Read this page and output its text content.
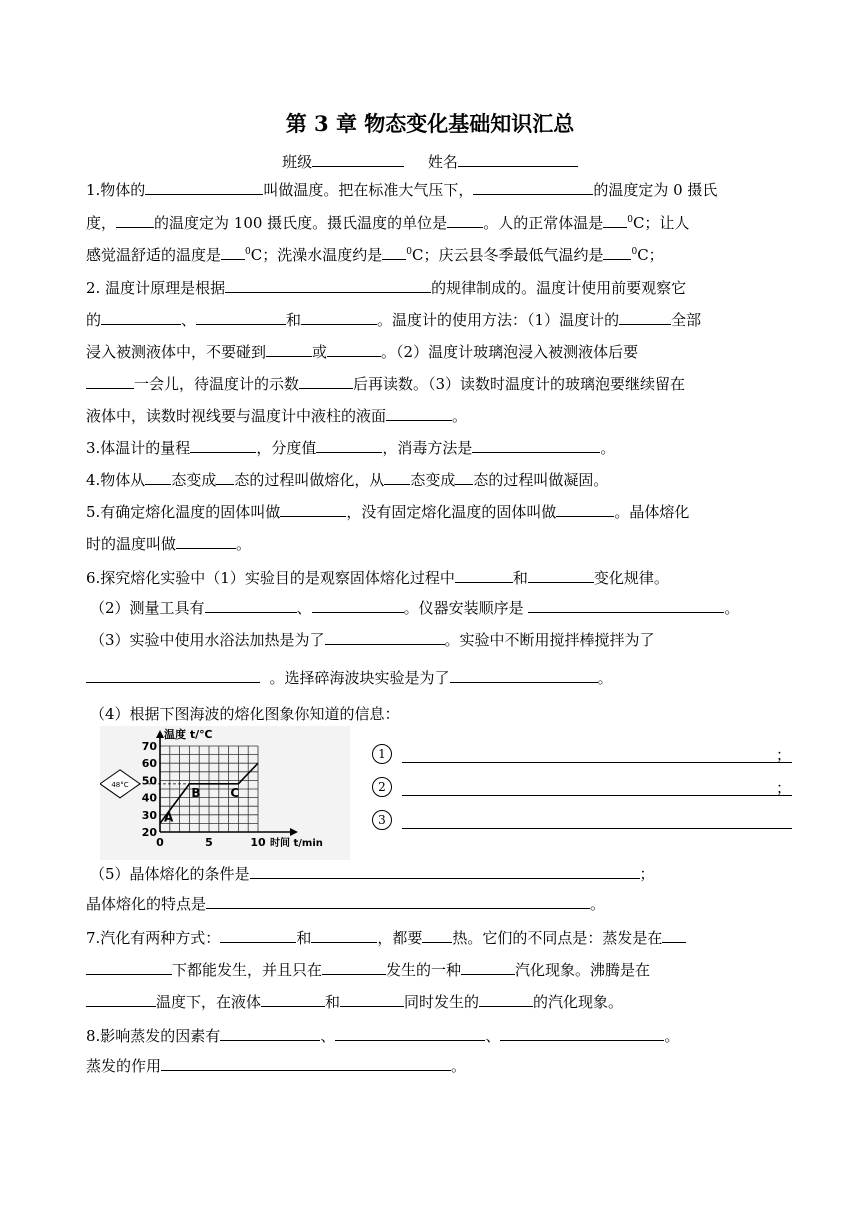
第 3 章 物态变化基础知识汇总
班级	姓名
1.物体的	叫做温度。把在标准大气压下，	的温度定为 0 摄氏
度，	的温度定为 100 摄氏度。摄氏温度的单位是 。人的正常体温是	$^0$C；让人
感觉温舒适的温度是	$^0$C；洗澡水温度约是	$^0$C；庆云县冬季最低气温约是	$^0$C；
2. 温度计原理是根据	的规律制成的。温度计使用前要观察它
的	、	和	。温度计的使用方法：（1）温度计的	全部
浸入被测液体中，不要碰到	或	。（2）温度计玻璃泡浸入被测液体后要
一会儿，待温度计的示数	后再读数。（3）读数时温度计的玻璃泡要继续留在
液体中，读数时视线要与温度计中液柱的液面	。
3.体温计的量程	，分度值	，消毒方法是	。
4.物体从 态变成 态的过程叫做熔化，从 态变成 态的过程叫做凝固。
5.有确定熔化温度的固体叫做	，没有固定熔化温度的固体叫做	。晶体熔化
时的温度叫做	。
6.探究熔化实验中（1）实验目的是观察固体熔化过程中	和	变化规律。
（2）测量工具有	、	。仪器安装顺序是	。
（3）实验中使用水浴法加热是为了	。实验中不断用搅拌棒搅拌为了
。选择碎海波块实验是为了	。
（4）根据下图海波的熔化图象你知道的信息：
20
30
40
50
60
70
0	5	10
温度 t/℃
时间 t/min
48°C
A
B C
1	；
2	；
3
（5）晶体熔化的条件是	；
晶体熔化的特点是	。
7.汽化有两种方式：	和	，都要 热。它们的不同点是：蒸发是在
下都能发生，并且只在	发生的一种	汽化现象。沸腾是在
温度下，在液体	和	同时发生的	的汽化现象。
8.影响蒸发的因素有	、	、	。
蒸发的作用	。
